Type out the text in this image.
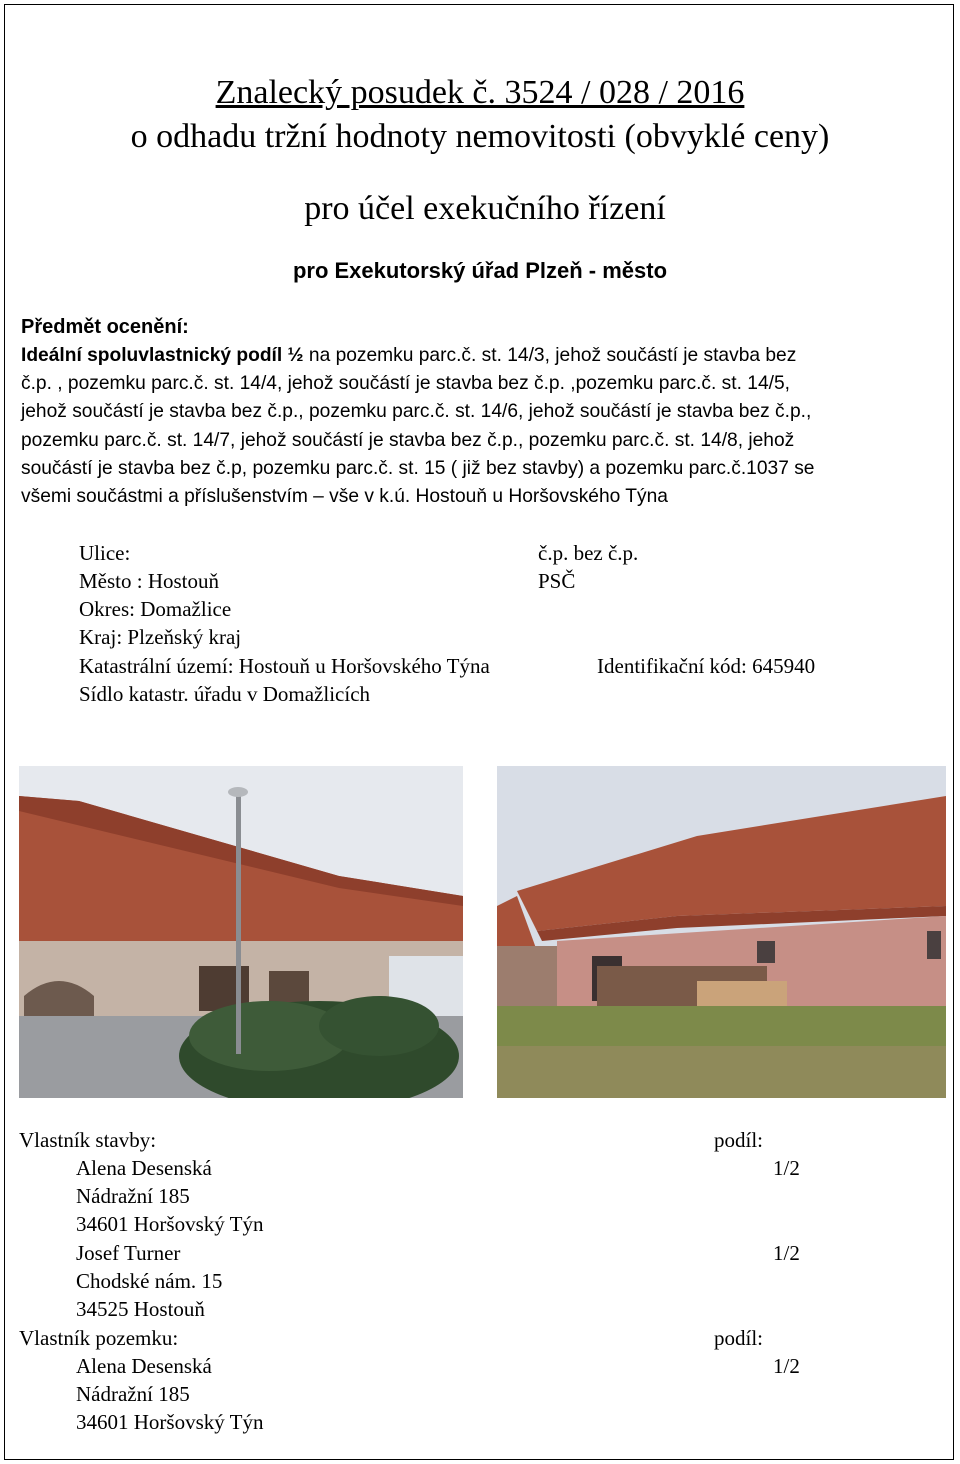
Znalecký posudek č. 3524 / 028 / 2016
o odhadu tržní hodnoty nemovitosti (obvyklé ceny)
pro účel exekučního řízení
pro Exekutorský úřad Plzeň - město
Předmět ocenění:
Ideální spoluvlastnický podíl ½ na pozemku parc.č. st. 14/3, jehož součástí je stavba bez
č.p. , pozemku parc.č. st. 14/4, jehož součástí je stavba bez č.p. ,pozemku parc.č. st. 14/5,
jehož součástí je stavba bez č.p., pozemku parc.č. st. 14/6, jehož součástí je stavba bez č.p.,
pozemku parc.č. st. 14/7, jehož součástí je stavba bez č.p., pozemku parc.č. st. 14/8, jehož
součástí je stavba bez č.p, pozemku parc.č. st. 15 ( již bez stavby) a pozemku parc.č.1037 se
všemi součástmi a příslušenstvím – vše v k.ú. Hostouň u Horšovského Týna
Ulice:	č.p. bez č.p.
Město : Hostouň	PSČ
Okres: Domažlice
Kraj: Plzeňský kraj
Katastrální území: Hostouň u Horšovského Týna	Identifikační kód: 645940
Sídlo katastr. úřadu v Domažlicích
Vlastník stavby:	podíl:
Alena Desenská	1/2
Nádražní 185
34601 Horšovský Týn
Josef Turner	1/2
Chodské nám. 15
34525 Hostouň
Vlastník pozemku:	podíl:
Alena Desenská	1/2
Nádražní 185
34601 Horšovský Týn
